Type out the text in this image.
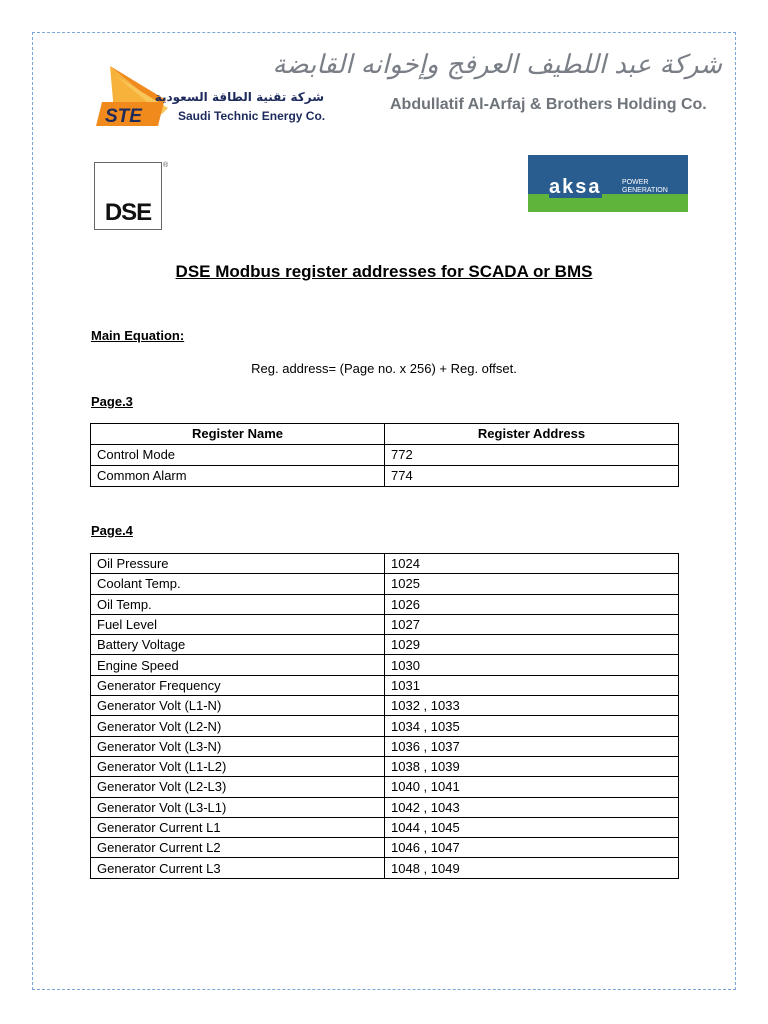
STE
شركة تقنية الطاقة السعودية
Saudi Technic Energy Co.
شركة عبد اللطيف العرفج وإخوانه القابضة
Abdullatif Al-Arfaj & Brothers Holding Co.
DSE
®
aksa	POWER GENERATION
DSE Modbus register addresses for SCADA or BMS
Main Equation:
Reg. address= (Page no. x 256) + Reg. offset.
Page.3
Register Name	Register Address
Control Mode	772
Common Alarm	774
Page.4
Oil Pressure	1024
Coolant Temp.	1025
Oil Temp.	1026
Fuel Level	1027
Battery Voltage	1029
Engine Speed	1030
Generator Frequency	1031
Generator Volt (L1-N)	1032 , 1033
Generator Volt (L2-N)	1034 , 1035
Generator Volt (L3-N)	1036 , 1037
Generator Volt (L1-L2)	1038 , 1039
Generator Volt (L2-L3)	1040 , 1041
Generator Volt (L3-L1)	1042 , 1043
Generator Current L1	1044 , 1045
Generator Current L2	1046 , 1047
Generator Current L3	1048 , 1049
